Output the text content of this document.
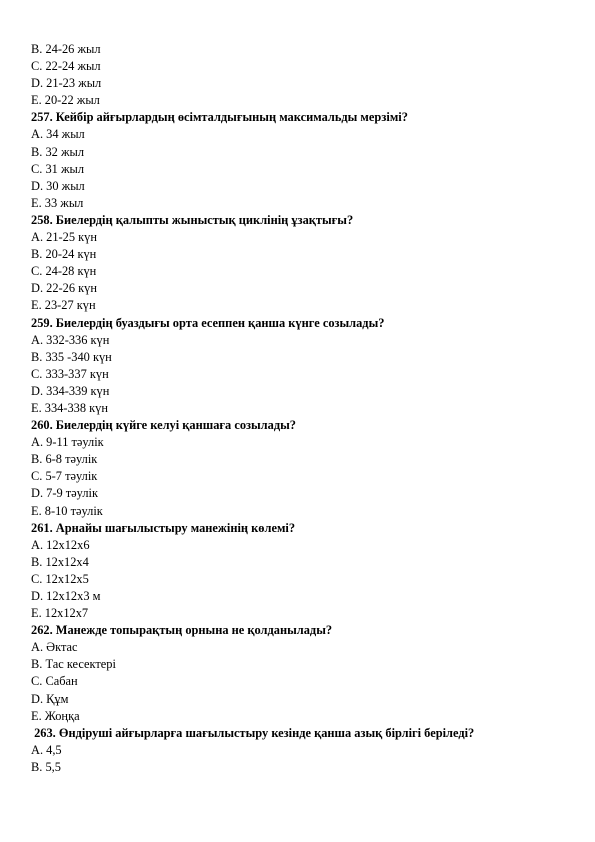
B. 24-26 жыл
C. 22-24 жыл
D. 21-23 жыл
E. 20-22 жыл
257. Кейбір айғырлардың өсімталдығының максимальды мерзімі?
A. 34 жыл
B. 32 жыл
C. 31 жыл
D. 30 жыл
E. 33 жыл
258. Биелердің қалыпты жыныстық циклінің ұзақтығы?
A. 21-25 күн
B. 20-24 күн
C. 24-28 күн
D. 22-26 күн
E. 23-27 күн
259. Биелердің буаздығы орта есеппен қанша күнге созылады?
A. 332-336 күн
B. 335 -340 күн
C. 333-337 күн
D. 334-339 күн
E. 334-338 күн
260. Биелердің күйге келуі қаншаға созылады?
A. 9-11 тәулік
B. 6-8 тәулік
C. 5-7 тәулік
D. 7-9 тәулік
E. 8-10 тәулік
261. Арнайы шағылыстыру манежінің көлемі?
A. 12х12х6
B. 12х12х4
C. 12х12х5
D. 12х12х3 м
E. 12х12х7
262. Манежде топырақтың орнына не қолданылады?
A. Әктас
B. Тас кесектері
C. Сабан
D. Құм
E. Жоңқа
263. Өндіруші айғырларға шағылыстыру кезінде қанша азық бірлігі беріледі?
A. 4,5
B. 5,5
